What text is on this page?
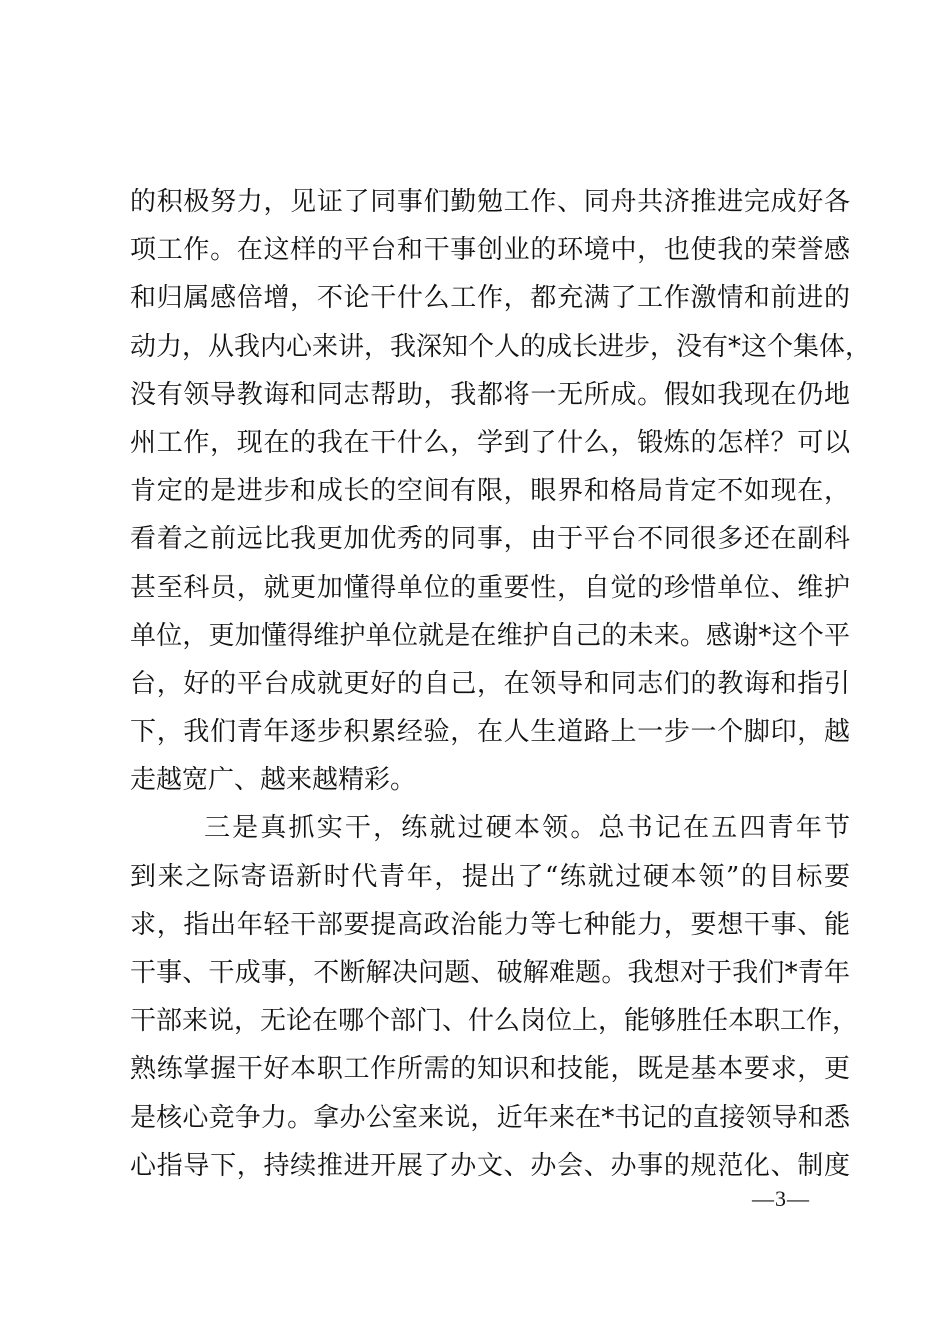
的积极努力，见证了同事们勤勉工作、同舟共济推进完成好各
项工作。在这样的平台和干事创业的环境中，也使我的荣誉感
和归属感倍增，不论干什么工作，都充满了工作激情和前进的
动力，从我内心来讲，我深知个人的成长进步，没有*这个集体，
没有领导教诲和同志帮助，我都将一无所成。假如我现在仍地
州工作，现在的我在干什么，学到了什么，锻炼的怎样？可以
肯定的是进步和成长的空间有限，眼界和格局肯定不如现在，
看着之前远比我更加优秀的同事，由于平台不同很多还在副科
甚至科员，就更加懂得单位的重要性，自觉的珍惜单位、维护
单位，更加懂得维护单位就是在维护自己的未来。感谢*这个平
台，好的平台成就更好的自己，在领导和同志们的教诲和指引
下，我们青年逐步积累经验，在人生道路上一步一个脚印，越
走越宽广、越来越精彩。
三是真抓实干，练就过硬本领。总书记在五四青年节
到来之际寄语新时代青年，提出了“练就过硬本领”的目标要
求，指出年轻干部要提高政治能力等七种能力，要想干事、能
干事、干成事，不断解决问题、破解难题。我想对于我们*青年
干部来说，无论在哪个部门、什么岗位上，能够胜任本职工作，
熟练掌握干好本职工作所需的知识和技能，既是基本要求，更
是核心竞争力。拿办公室来说，近年来在*书记的直接领导和悉
心指导下，持续推进开展了办文、办会、办事的规范化、制度
—3—
